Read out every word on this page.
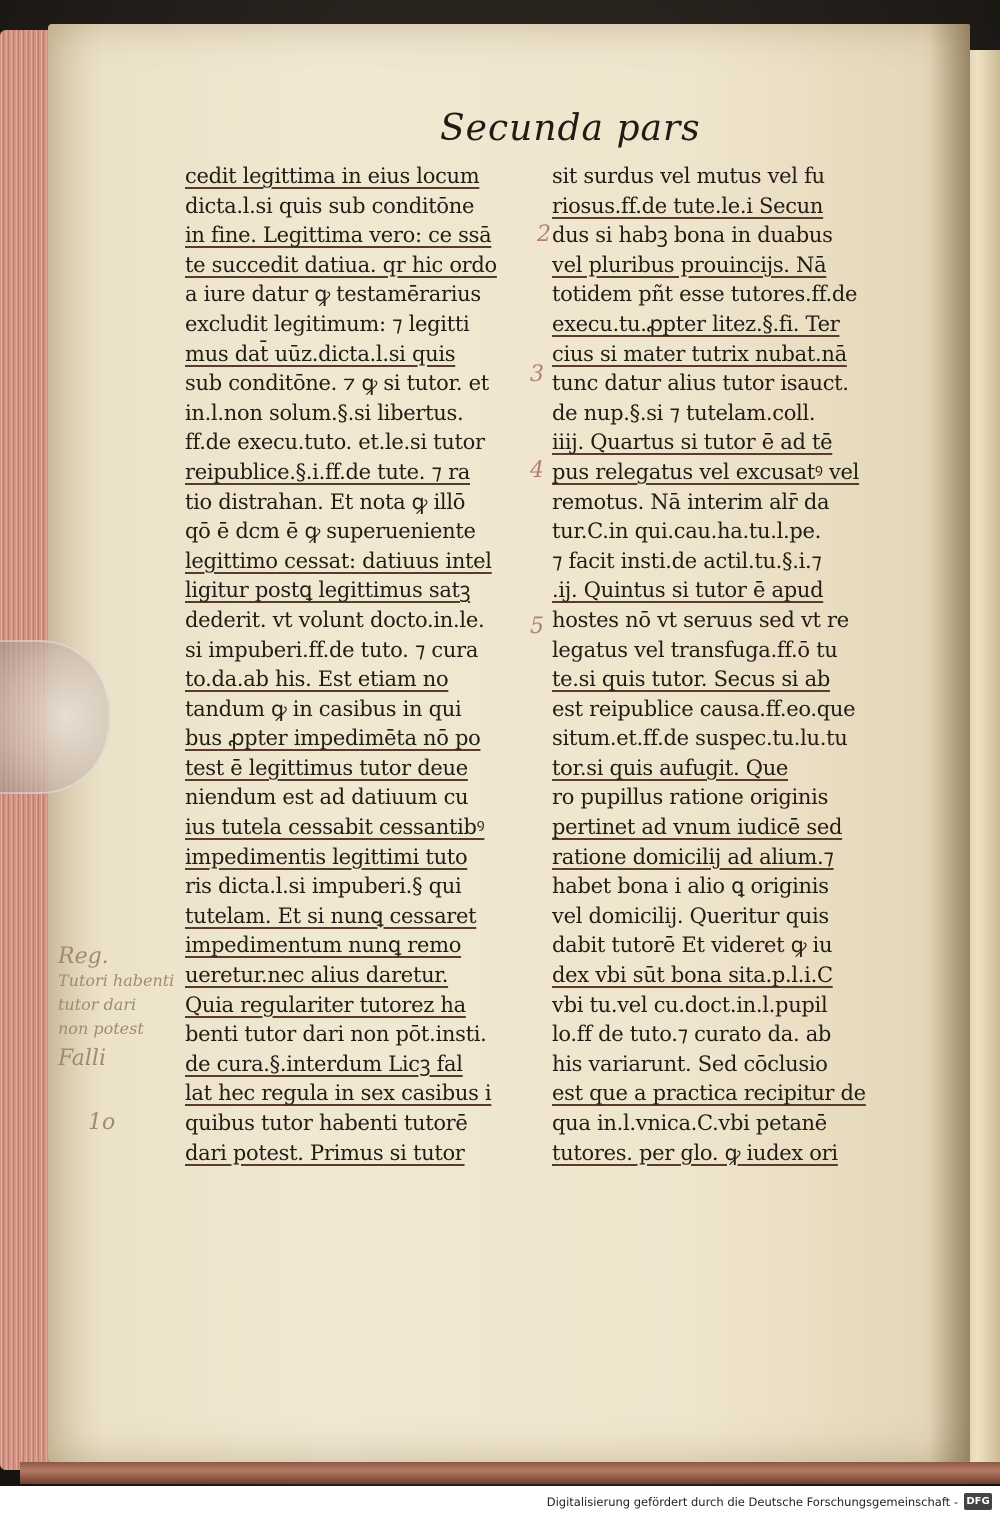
Secunda pars
cedit legittima in eius locum
dicta.l.si quis sub conditōne
in fine. Legittima vero: ce ssā
te succedit datiua. qr hic ordo
a iure datur ꝙ testamērarius
excludit legitimum: ⁊ legitti
mus dat̄ uūz.dicta.l.si quis
sub conditōne. ⁊ ꝙ si tutor. et
in.l.non solum.§.si libertus.
ff.de execu.tuto. et.le.si tutor
reipublice.§.i.ff.de tute. ⁊ ra
tio distrahan. Et nota ꝙ illō
qō ē dcm ē ꝙ superueniente
legittimo cessat: datiuus intel
ligitur postꝗ legittimus satꝫ
dederit. vt volunt docto.in.le.
si impuberi.ff.de tuto. ⁊ cura
to.da.ab his. Est etiam no
tandum ꝙ in casibus in qui
bus ꝓpter impedimēta nō po
test ē legittimus tutor deue
niendum est ad datiuum cu
ius tutela cessabit cessantibꝰ
impedimentis legittimi tuto
ris dicta.l.si impuberi.§ qui
tutelam. Et si nunꝗ cessaret
impedimentum nunꝗ remo
ueretur.nec alius daretur.
Quia regulariter tutorez ha
benti tutor dari non pōt.insti.
de cura.§.interdum Licꝫ fal
lat hec regula in sex casibus i
quibus tutor habenti tutorē
dari potest. Primus si tutor
sit surdus vel mutus vel fu
riosus.ff.de tute.le.i Secun
dus si habꝫ bona in duabus
vel pluribus prouincijs. Nā
totidem pñt esse tutores.ff.de
execu.tu.ꝓpter litez.§.fi. Ter
cius si mater tutrix nubat.nā
tunc datur alius tutor isauct.
de nup.§.si ⁊ tutelam.coll.
iiij. Quartus si tutor ē ad tē
pus relegatus vel excusatꝰ vel
remotus. Nā interim alr̄ da
tur.C.in qui.cau.ha.tu.l.pe.
⁊ facit insti.de actil.tu.§.i.⁊
.ij. Quintus si tutor ē apud
hostes nō vt seruus sed vt re
legatus vel transfuga.ff.ō tu
te.si quis tutor. Secus si ab
est reipublice causa.ff.eo.que
situm.et.ff.de suspec.tu.lu.tu
tor.si quis aufugit. Que
ro pupillus ratione originis
pertinet ad vnum iudicē sed
ratione domicilij ad alium.⁊
habet bona i alio ꝗ originis
vel domicilij. Queritur quis
dabit tutorē Et videret ꝙ iu
dex vbi sūt bona sita.p.l.i.C
vbi tu.vel cu.doct.in.l.pupil
lo.ff de tuto.⁊ curato da. ab
his variarunt. Sed cōclusio
est que a practica recipitur de
qua in.l.vnica.C.vbi petanē
tutores. per glo. ꝙ iudex ori
2
3
4
5
Reg.
Tutori habenti
tutor dari
non potest
Falli
1o
Digitalisierung gefördert durch die Deutsche Forschungsgemeinschaft - DFG
